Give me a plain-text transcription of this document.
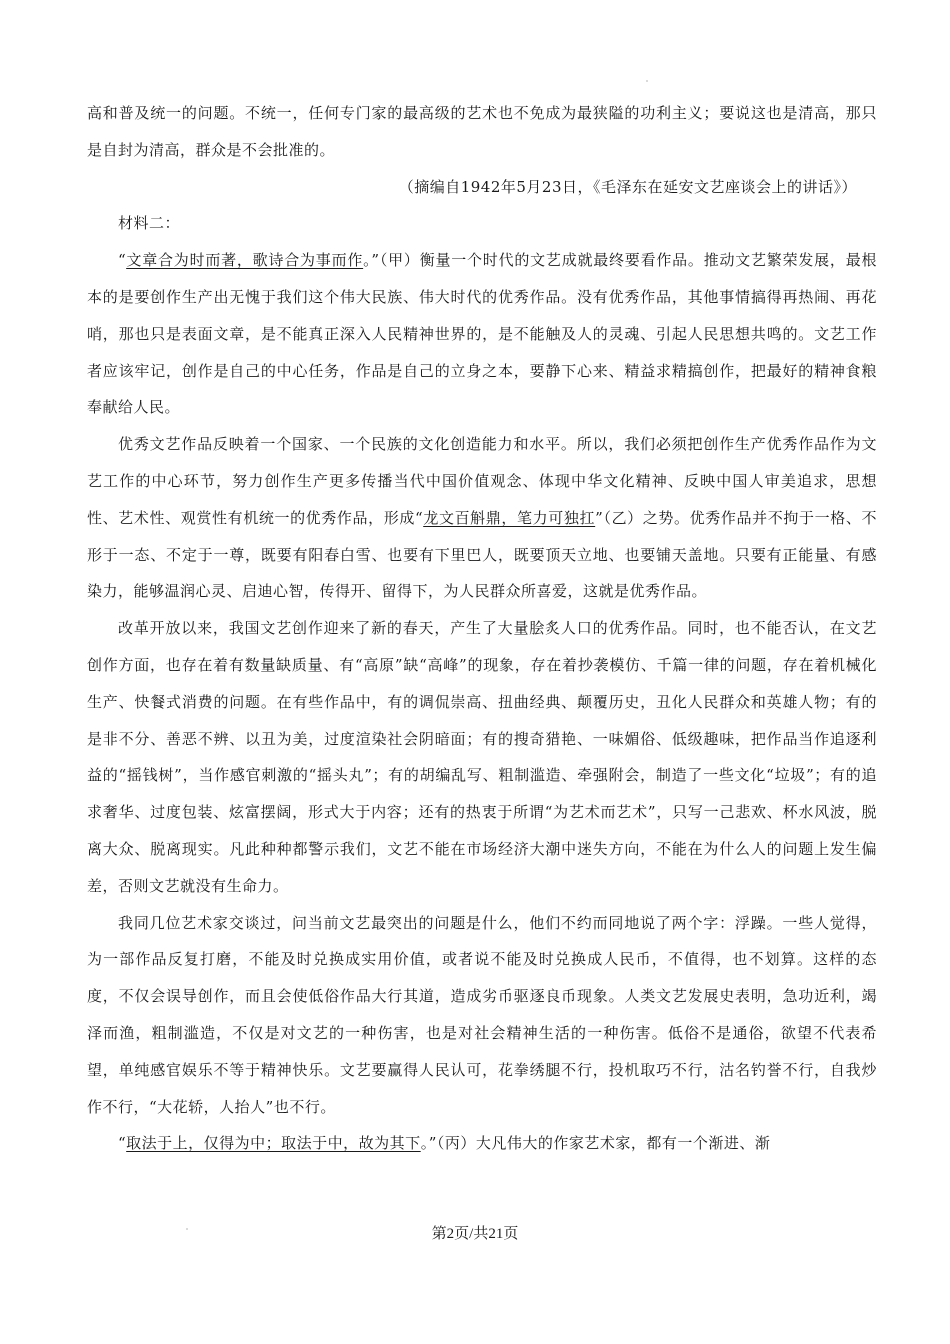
高和普及统一的问题。不统一，任何专门家的最高级的艺术也不免成为最狭隘的功利主义；要说这也是清高，那只是自封为清高，群众是不会批准的。

（摘编自1942年5月23日，《毛泽东在延安文艺座谈会上的讲话》）

材料二：

“文章合为时而著，歌诗合为事而作。”（甲）衡量一个时代的文艺成就最终要看作品。推动文艺繁荣发展，最根本的是要创作生产出无愧于我们这个伟大民族、伟大时代的优秀作品。没有优秀作品，其他事情搞得再热闹、再花哨，那也只是表面文章，是不能真正深入人民精神世界的，是不能触及人的灵魂、引起人民思想共鸣的。文艺工作者应该牢记，创作是自己的中心任务，作品是自己的立身之本，要静下心来、精益求精搞创作，把最好的精神食粮奉献给人民。

优秀文艺作品反映着一个国家、一个民族的文化创造能力和水平。所以，我们必须把创作生产优秀作品作为文艺工作的中心环节，努力创作生产更多传播当代中国价值观念、体现中华文化精神、反映中国人审美追求，思想性、艺术性、观赏性有机统一的优秀作品，形成“龙文百斛鼎，笔力可独扛”（乙）之势。优秀作品并不拘于一格、不形于一态、不定于一尊，既要有阳春白雪、也要有下里巴人，既要顶天立地、也要铺天盖地。只要有正能量、有感染力，能够温润心灵、启迪心智，传得开、留得下，为人民群众所喜爱，这就是优秀作品。

改革开放以来，我国文艺创作迎来了新的春天，产生了大量脍炙人口的优秀作品。同时，也不能否认，在文艺创作方面，也存在着有数量缺质量、有“高原”缺“高峰”的现象，存在着抄袭模仿、千篇一律的问题，存在着机械化生产、快餐式消费的问题。在有些作品中，有的调侃崇高、扭曲经典、颠覆历史，丑化人民群众和英雄人物；有的是非不分、善恶不辨、以丑为美，过度渲染社会阴暗面；有的搜奇猎艳、一味媚俗、低级趣味，把作品当作追逐利益的“摇钱树”，当作感官刺激的“摇头丸”；有的胡编乱写、粗制滥造、牵强附会，制造了一些文化“垃圾”；有的追求奢华、过度包装、炫富摆阔，形式大于内容；还有的热衷于所谓“为艺术而艺术”，只写一己悲欢、杯水风波，脱离大众、脱离现实。凡此种种都警示我们，文艺不能在市场经济大潮中迷失方向，不能在为什么人的问题上发生偏差，否则文艺就没有生命力。

我同几位艺术家交谈过，问当前文艺最突出的问题是什么，他们不约而同地说了两个字：浮躁。一些人觉得，为一部作品反复打磨，不能及时兑换成实用价值，或者说不能及时兑换成人民币，不值得，也不划算。这样的态度，不仅会误导创作，而且会使低俗作品大行其道，造成劣币驱逐良币现象。人类文艺发展史表明，急功近利，竭泽而渔，粗制滥造，不仅是对文艺的一种伤害，也是对社会精神生活的一种伤害。低俗不是通俗，欲望不代表希望，单纯感官娱乐不等于精神快乐。文艺要赢得人民认可，花拳绣腿不行，投机取巧不行，沽名钓誉不行，自我炒作不行，“大花轿，人抬人”也不行。

“取法于上，仅得为中；取法于中，故为其下。”（丙）大凡伟大的作家艺术家，都有一个渐进、渐

第2页/共21页
